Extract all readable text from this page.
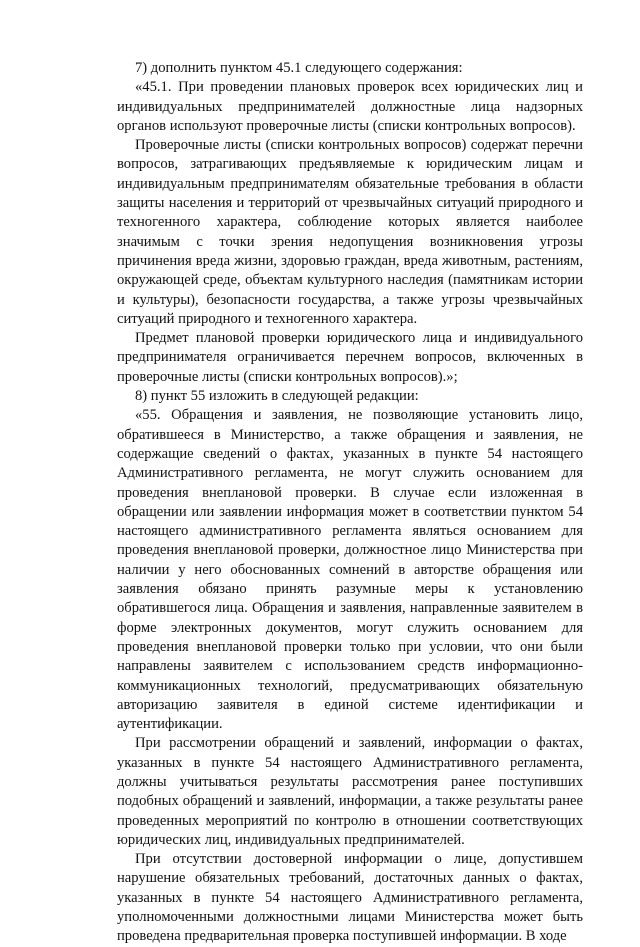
7) дополнить пунктом 45.1 следующего содержания:

«45.1. При проведении плановых проверок всех юридических лиц и индивидуальных предпринимателей должностные лица надзорных органов используют проверочные листы (списки контрольных вопросов).

Проверочные листы (списки контрольных вопросов) содержат перечни вопросов, затрагивающих предъявляемые к юридическим лицам и индивидуальным предпринимателям обязательные требования в области защиты населения и территорий от чрезвычайных ситуаций природного и техногенного характера, соблюдение которых является наиболее значимым с точки зрения недопущения возникновения угрозы причинения вреда жизни, здоровью граждан, вреда животным, растениям, окружающей среде, объектам культурного наследия (памятникам истории и культуры), безопасности государства, а также угрозы чрезвычайных ситуаций природного и техногенного характера.

Предмет плановой проверки юридического лица и индивидуального предпринимателя ограничивается перечнем вопросов, включенных в проверочные листы (списки контрольных вопросов).»;

8) пункт 55 изложить в следующей редакции:

«55. Обращения и заявления, не позволяющие установить лицо, обратившееся в Министерство, а также обращения и заявления, не содержащие сведений о фактах, указанных в пункте 54 настоящего Административного регламента, не могут служить основанием для проведения внеплановой проверки. В случае если изложенная в обращении или заявлении информация может в соответствии пунктом 54 настоящего административного регламента являться основанием для проведения внеплановой проверки, должностное лицо Министерства при наличии у него обоснованных сомнений в авторстве обращения или заявления обязано принять разумные меры к установлению обратившегося лица. Обращения и заявления, направленные заявителем в форме электронных документов, могут служить основанием для проведения внеплановой проверки только при условии, что они были направлены заявителем с использованием средств информационно-коммуникационных технологий, предусматривающих обязательную авторизацию заявителя в единой системе идентификации и аутентификации.

При рассмотрении обращений и заявлений, информации о фактах, указанных в пункте 54 настоящего Административного регламента, должны учитываться результаты рассмотрения ранее поступивших подобных обращений и заявлений, информации, а также результаты ранее проведенных мероприятий по контролю в отношении соответствующих юридических лиц, индивидуальных предпринимателей.

При отсутствии достоверной информации о лице, допустившем нарушение обязательных требований, достаточных данных о фактах, указанных в пункте 54 настоящего Административного регламента, уполномоченными должностными лицами Министерства может быть проведена предварительная проверка поступившей информации. В ходе
